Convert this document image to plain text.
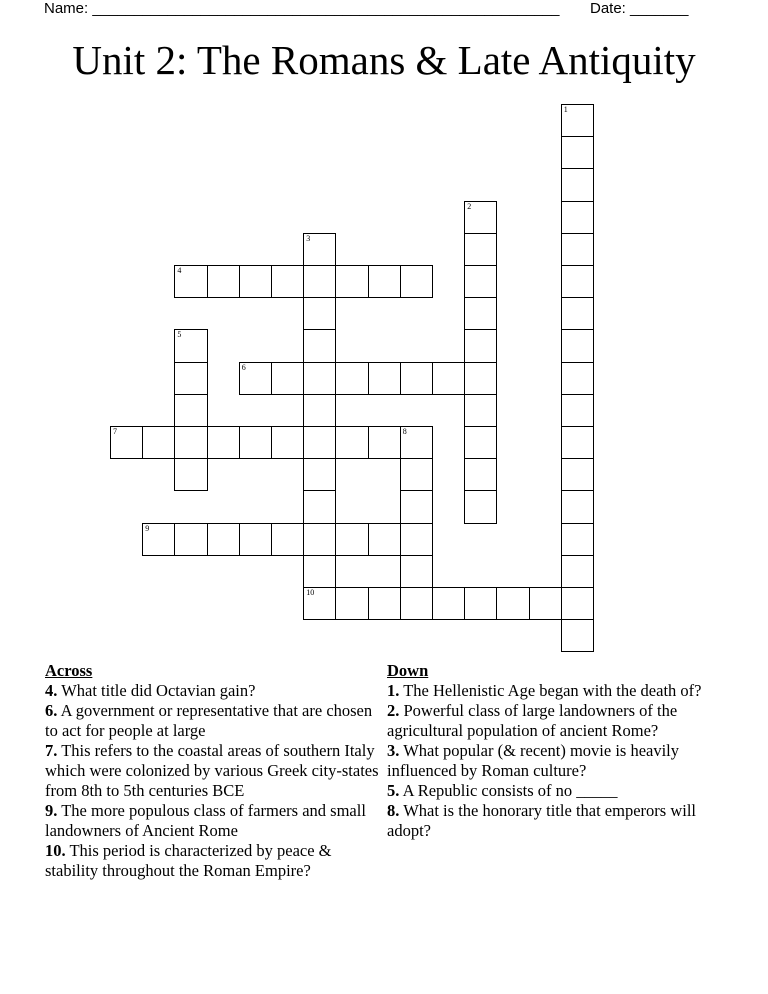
Name: ________________________________________________________ Date: _______
Unit 2: The Romans & Late Antiquity
1
2
3
4
5
6
7	8
9
10
Across
4. What title did Octavian gain?
6. A government or representative that are chosen to act for people at large
7. This refers to the coastal areas of southern Italy which were colonized by various Greek city-states from 8th to 5th centuries BCE
9. The more populous class of farmers and small landowners of Ancient Rome
10. This period is characterized by peace & stability throughout the Roman Empire?
Down
1. The Hellenistic Age began with the death of?
2. Powerful class of large landowners of the agricultural population of ancient Rome?
3. What popular (& recent) movie is heavily influenced by Roman culture?
5. A Republic consists of no _____
8. What is the honorary title that emperors will adopt?
